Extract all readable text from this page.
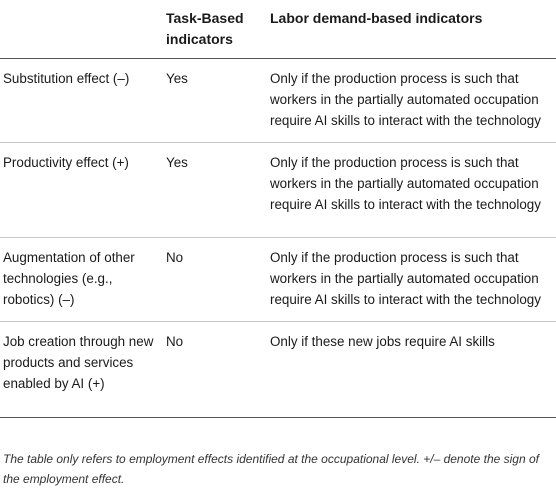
	Task-Based indicators	Labor demand-based indicators
Substitution effect (–)	Yes	Only if the production process is such that workers in the partially automated occupation require AI skills to interact with the technology
Productivity effect (+)	Yes	Only if the production process is such that workers in the partially automated occupation require AI skills to interact with the technology
Augmentation of other technologies (e.g., robotics) (–)	No	Only if the production process is such that workers in the partially automated occupation require AI skills to interact with the technology
Job creation through new products and services enabled by AI (+)	No	Only if these new jobs require AI skills
The table only refers to employment effects identified at the occupational level. +/– denote the sign of the employment effect.
